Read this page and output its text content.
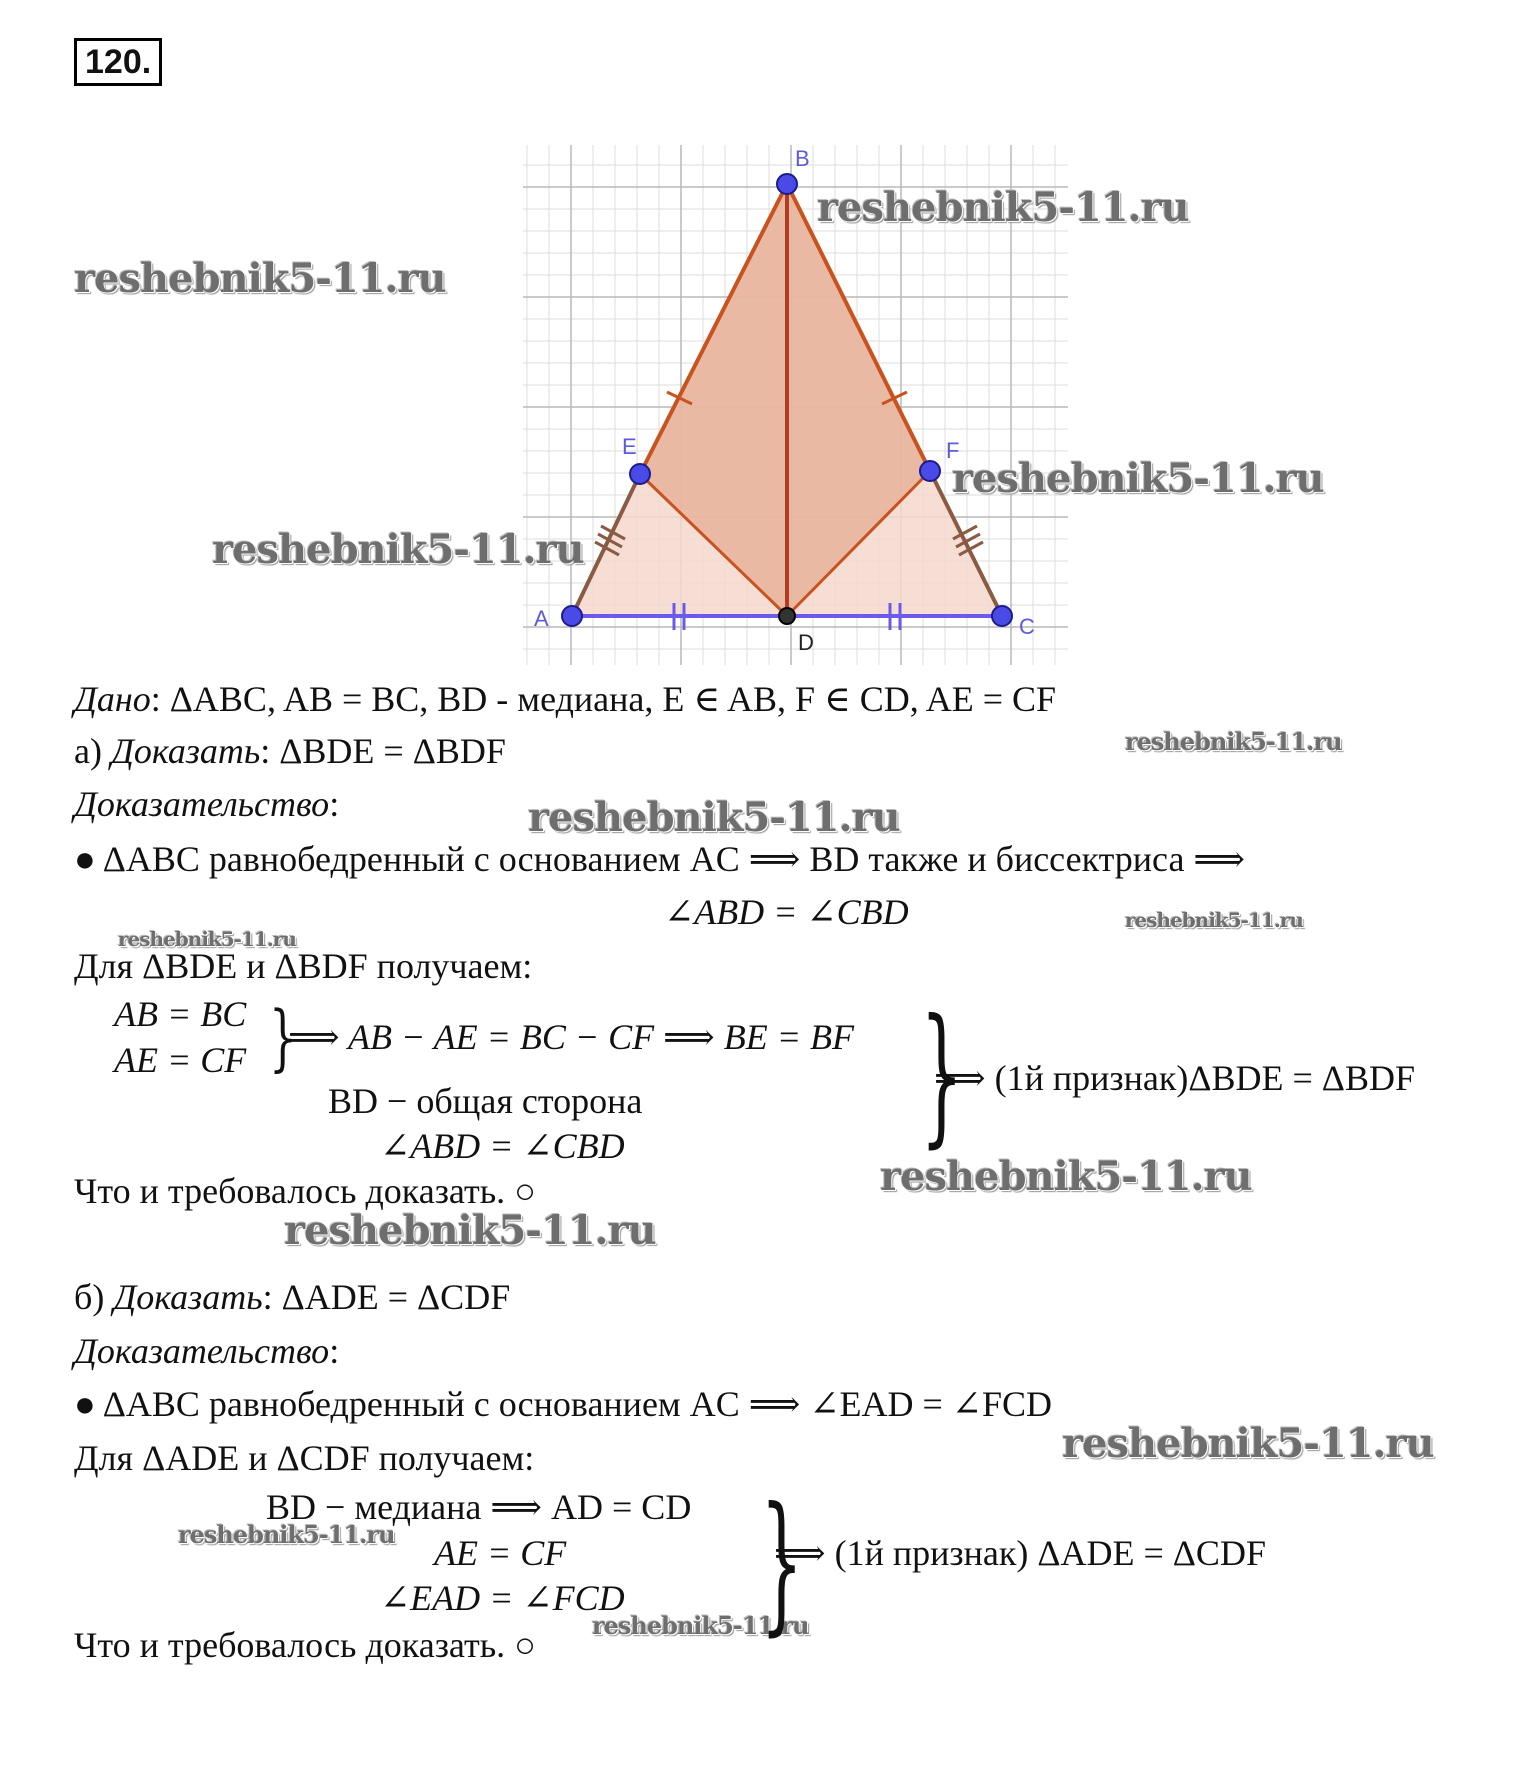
120.
A
B
C
D
E	F
reshebnik5-11.ru
reshebnik5-11.ru
reshebnik5-11.ru
reshebnik5-11.ru
reshebnik5-11.ru
reshebnik5-11.ru
reshebnik5-11.ru
reshebnik5-11.ru
reshebnik5-11.ru
reshebnik5-11.ru
reshebnik5-11.ru
reshebnik5-11.ru
reshebnik5-11.ru
Дано: ΔABC, AB = BC, BD - медиана, E ∈ AB, F ∈ CD, AE = CF
а) Доказать: ΔBDE = ΔBDF
Доказательство:
● ΔABC равнобедренный с основанием AC ⟹ BD также и биссектриса ⟹
∠ABD = ∠CBD
Для ΔBDE и ΔBDF получаем:
AB = BC
AE = CF }
⟹ AB − AE = BC − CF ⟹ BE = BF
BD − общая сторона
∠ABD = ∠CBD }
⟹ (1й признак)ΔBDE = ΔBDF
Что и требовалось доказать. ○
б) Доказать: ΔADE = ΔCDF
Доказательство:
● ΔABC равнобедренный с основанием AC ⟹ ∠EAD = ∠FCD
Для ΔADE и ΔCDF получаем:
BD − медиана ⟹ AD = CD
AE = CF
∠EAD = ∠FCD }
⟹ (1й признак) ΔADE = ΔCDF
Что и требовалось доказать. ○
